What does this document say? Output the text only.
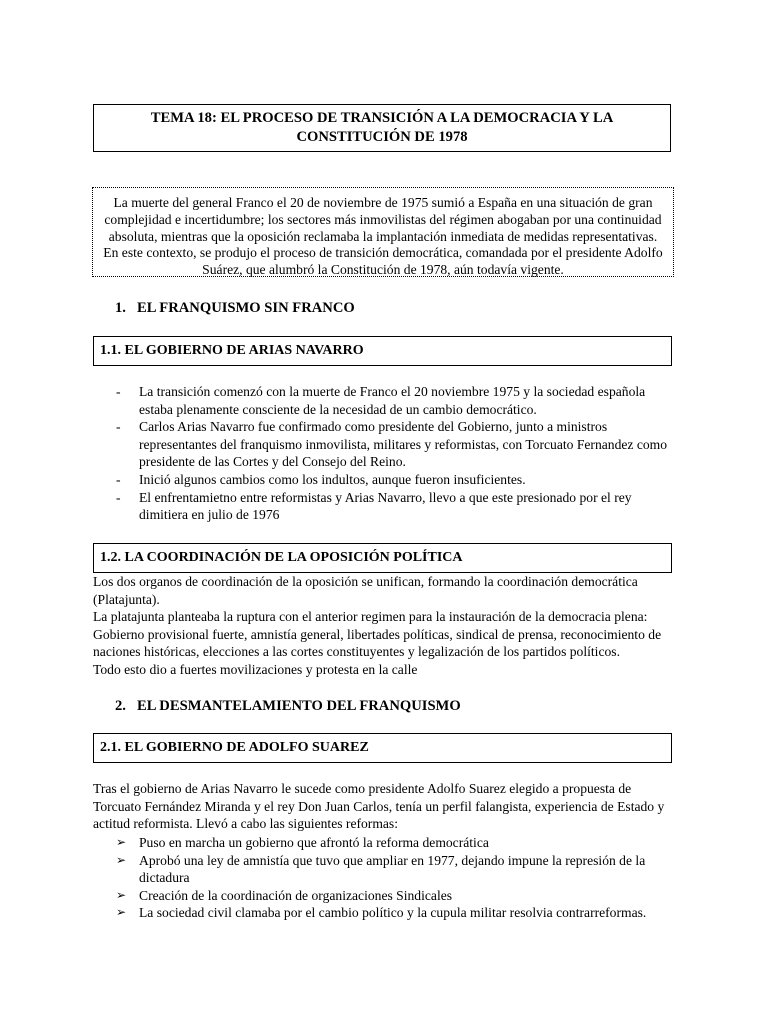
TEMA 18: EL PROCESO DE TRANSICIÓN A LA DEMOCRACIA Y LA
CONSTITUCIÓN DE 1978
La muerte del general Franco el 20 de noviembre de 1975 sumió a España en una situación de gran complejidad e incertidumbre; los sectores más inmovilistas del régimen abogaban por una continuidad absoluta, mientras que la oposición reclamaba la implantación inmediata de medidas representativas. En este contexto, se produjo el proceso de transición democrática, comandada por el presidente Adolfo Suárez, que alumbró la Constitución de 1978, aún todavía vigente.
1. EL FRANQUISMO SIN FRANCO
1.1. EL GOBIERNO DE ARIAS NAVARRO
- La transición comenzó con la muerte de Franco el 20 noviembre 1975 y la sociedad española estaba plenamente consciente de la necesidad de un cambio democrático.
- Carlos Arias Navarro fue confirmado como presidente del Gobierno, junto a ministros representantes del franquismo inmovilista, militares y reformistas, con Torcuato Fernandez como presidente de las Cortes y del Consejo del Reino.
- Inició algunos cambios como los indultos, aunque fueron insuficientes.
- El enfrentamietno entre reformistas y Arias Navarro, llevo a que este presionado por el rey dimitiera en julio de 1976
1.2. LA COORDINACIÓN DE LA OPOSICIÓN POLÍTICA
Los dos organos de coordinación de la oposición se unifican, formando la coordinación democrática (Platajunta).
La platajunta planteaba la ruptura con el anterior regimen para la instauración de la democracia plena: Gobierno provisional fuerte, amnistía general, libertades políticas, sindical de prensa, reconocimiento de naciones históricas, elecciones a las cortes constituyentes y legalización de los partidos políticos.
Todo esto dio a fuertes movilizaciones y protesta en la calle
2. EL DESMANTELAMIENTO DEL FRANQUISMO
2.1. EL GOBIERNO DE ADOLFO SUAREZ
Tras el gobierno de Arias Navarro le sucede como presidente Adolfo Suarez elegido a propuesta de Torcuato Fernández Miranda y el rey Don Juan Carlos, tenía un perfil falangista, experiencia de Estado y actitud reformista. Llevó a cabo las siguientes reformas:
➢ Puso en marcha un gobierno que afrontó la reforma democrática
➢ Aprobó una ley de amnistía que tuvo que ampliar en 1977, dejando impune la represión de la dictadura
➢ Creación de la coordinación de organizaciones Sindicales
➢ La sociedad civil clamaba por el cambio político y la cupula militar resolvia contrarreformas.
